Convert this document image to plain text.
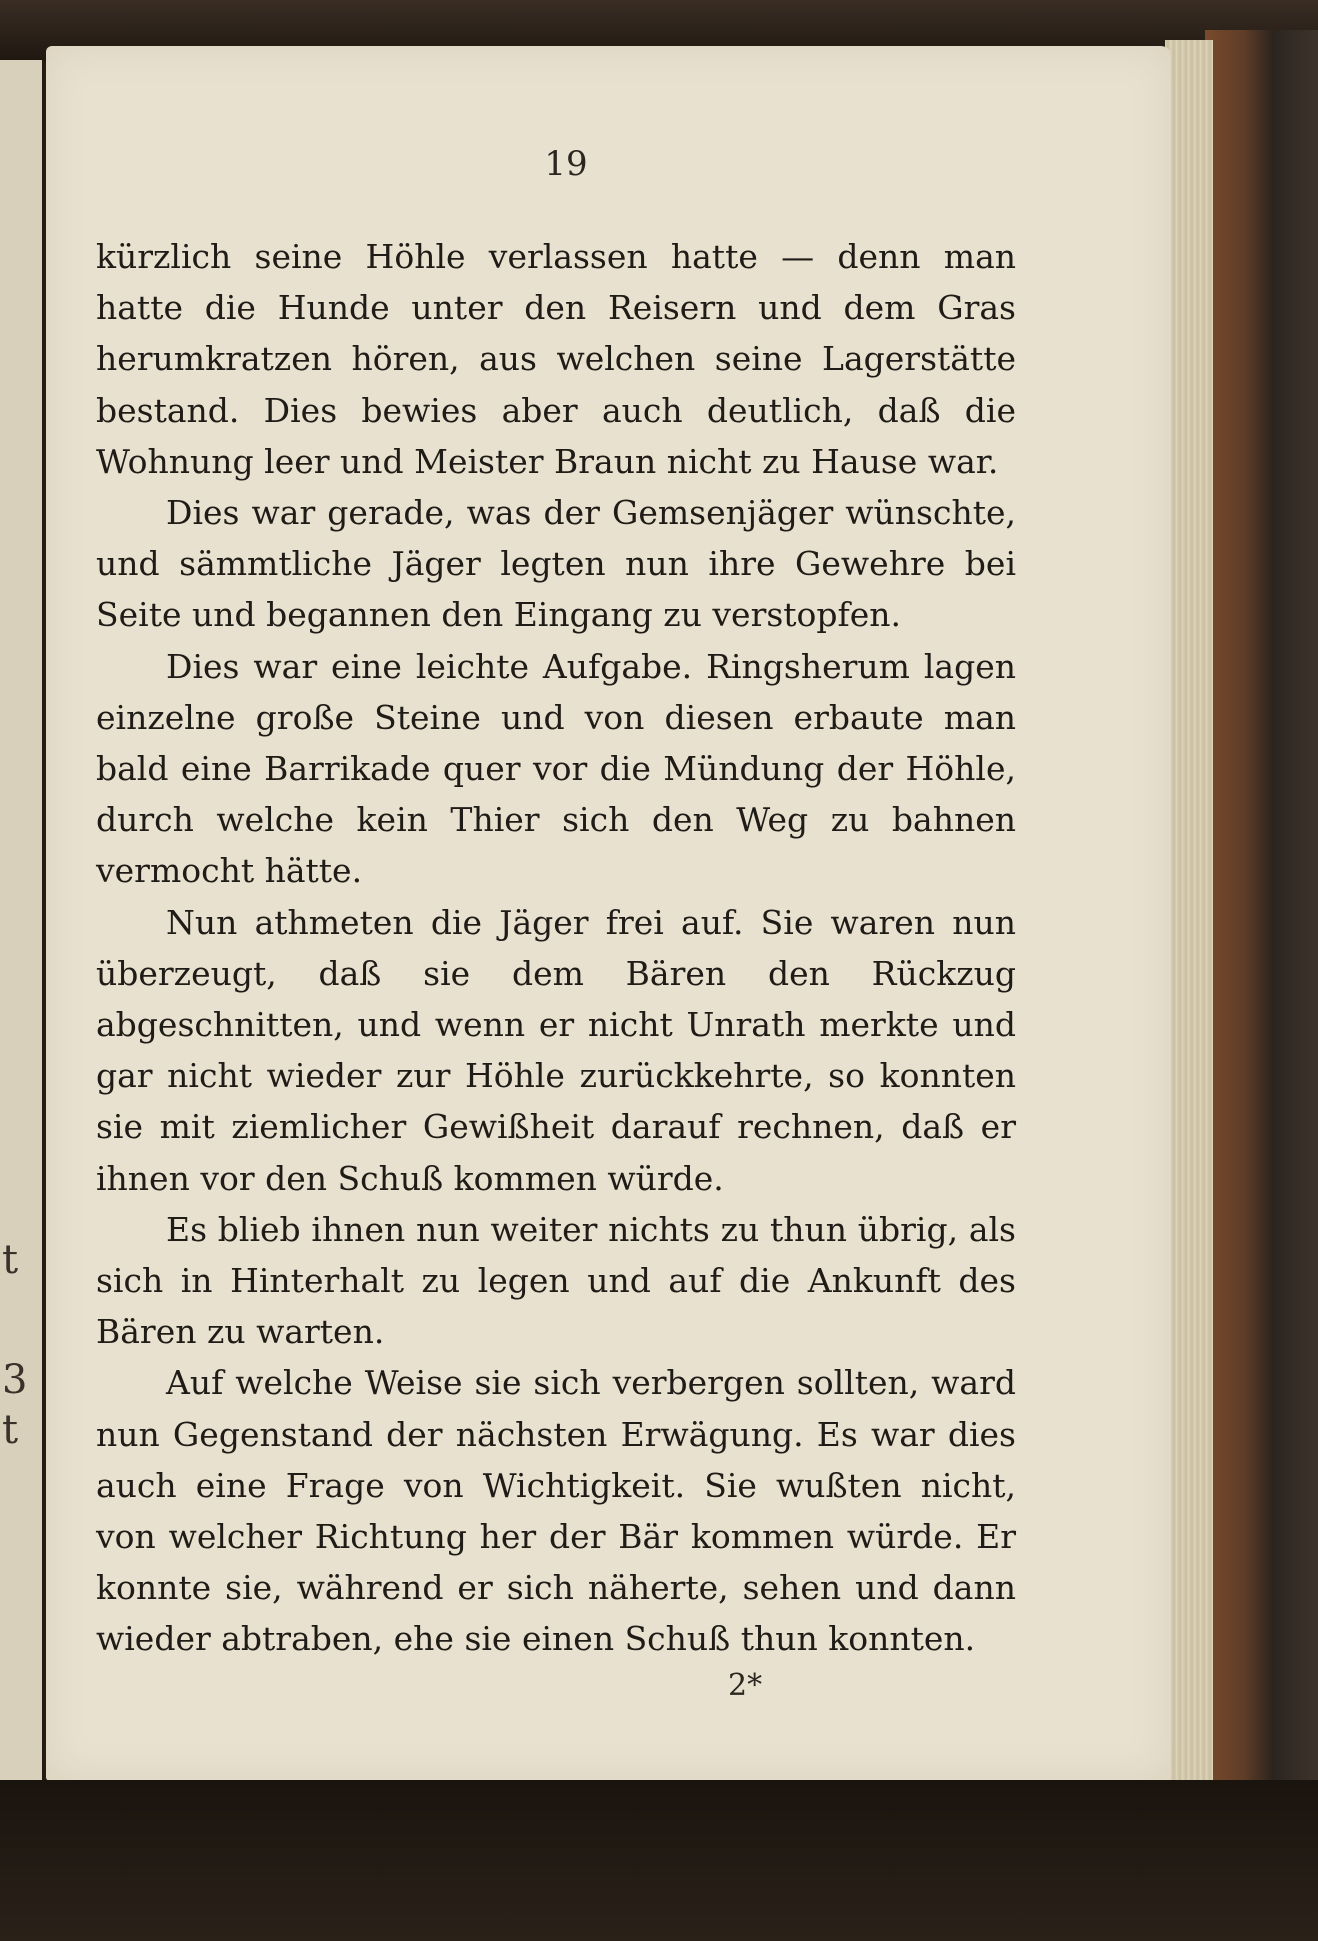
t
3
t
19

kürzlich seine Höhle verlassen hatte — denn man hatte die Hunde unter den Reisern und dem Gras herumkratzen hören, aus welchen seine Lagerstätte bestand. Dies bewies aber auch deutlich, daß die Wohnung leer und Meister Braun nicht zu Hause war.

Dies war gerade, was der Gemsenjäger wünschte, und sämmtliche Jäger legten nun ihre Gewehre bei Seite und begannen den Eingang zu verstopfen.

Dies war eine leichte Aufgabe. Ringsherum lagen einzelne große Steine und von diesen erbaute man bald eine Barrikade quer vor die Mündung der Höhle, durch welche kein Thier sich den Weg zu bahnen vermocht hätte.

Nun athmeten die Jäger frei auf. Sie waren nun überzeugt, daß sie dem Bären den Rückzug abgeschnitten, und wenn er nicht Unrath merkte und gar nicht wieder zur Höhle zurückkehrte, so konnten sie mit ziemlicher Gewißheit darauf rechnen, daß er ihnen vor den Schuß kommen würde.

Es blieb ihnen nun weiter nichts zu thun übrig, als sich in Hinterhalt zu legen und auf die Ankunft des Bären zu warten.

Auf welche Weise sie sich verbergen sollten, ward nun Gegenstand der nächsten Erwägung. Es war dies auch eine Frage von Wichtigkeit. Sie wußten nicht, von welcher Richtung her der Bär kommen würde. Er konnte sie, während er sich näherte, sehen und dann wieder abtraben, ehe sie einen Schuß thun konnten.

2*
